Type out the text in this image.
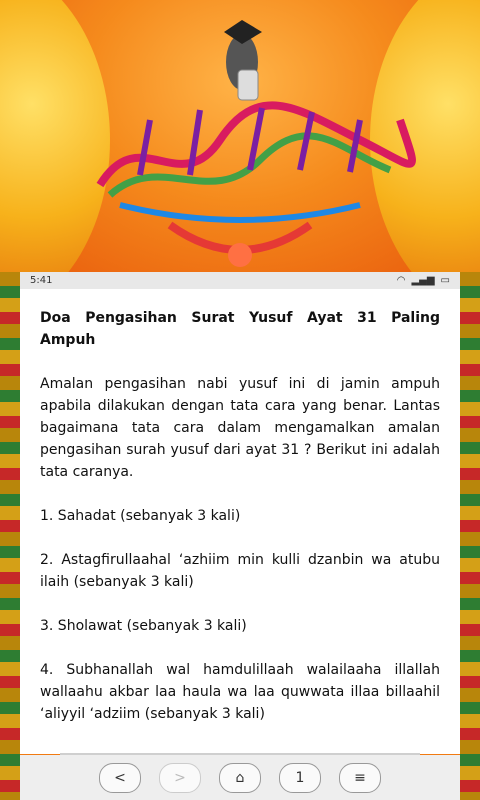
5:41	◠ ▂▄▆ ▭
Doa Pengasihan Surat Yusuf Ayat 31 Paling Ampuh
Amalan pengasihan nabi yusuf ini di jamin ampuh apabila dilakukan dengan tata cara yang benar. Lantas bagaimana tata cara dalam mengamalkan amalan pengasihan surah yusuf dari ayat 31 ? Berikut ini adalah tata caranya.
1. Sahadat (sebanyak 3 kali)
2. Astagfirullaahal ‘azhiim min kulli dzanbin wa atubu ilaih (sebanyak 3 kali)
3. Sholawat (sebanyak 3 kali)
4. Subhanallah wal hamdulillaah walailaaha illallah wallaahu akbar laa haula wa laa quwwata illaa billaahil ‘aliyyil ‘adziim (sebanyak 3 kali)
<	>	⌂	1	≡
